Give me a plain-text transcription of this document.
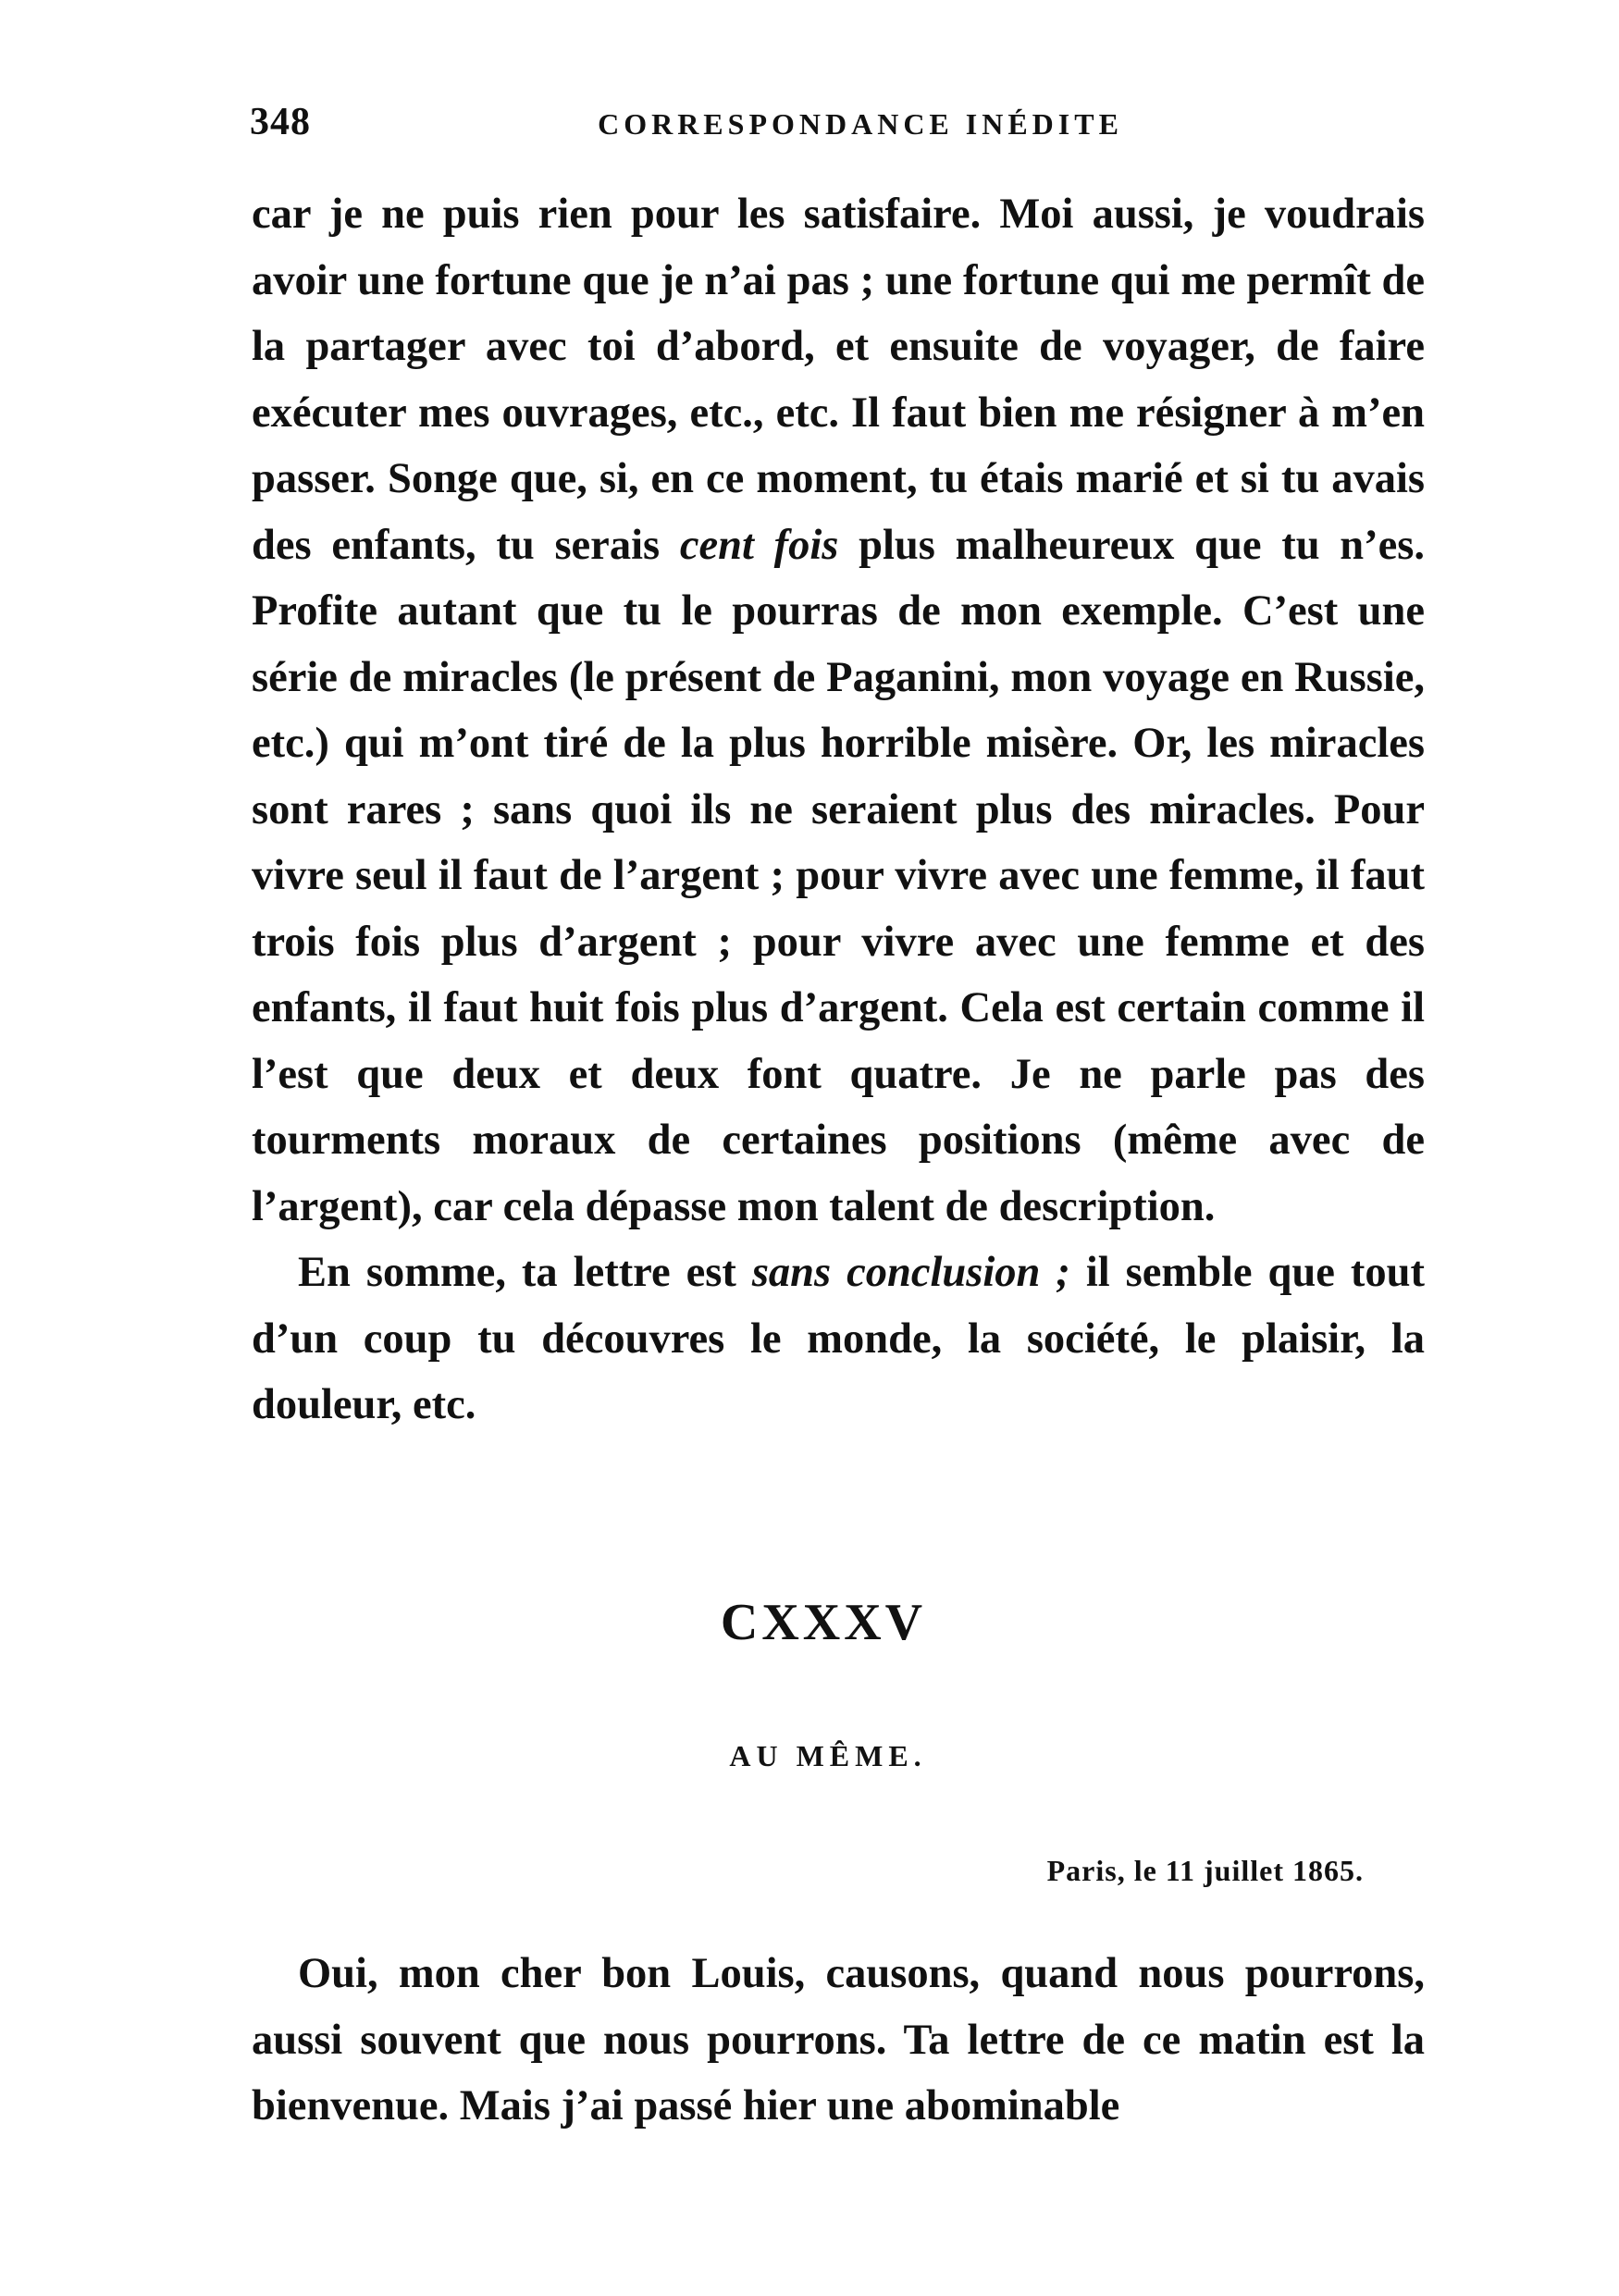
348	CORRESPONDANCE INÉDITE

car je ne puis rien pour les satisfaire. Moi aussi, je voudrais avoir une fortune que je n’ai pas ; une fortune qui me permît de la partager avec toi d’abord, et ensuite de voyager, de faire exécuter mes ouvrages, etc., etc. Il faut bien me résigner à m’en passer. Songe que, si, en ce moment, tu étais marié et si tu avais des enfants, tu serais cent fois plus malheureux que tu n’es. Profite autant que tu le pourras de mon exemple. C’est une série de miracles (le présent de Paganini, mon voyage en Russie, etc.) qui m’ont tiré de la plus horrible misère. Or, les miracles sont rares ; sans quoi ils ne seraient plus des miracles. Pour vivre seul il faut de l’argent ; pour vivre avec une femme, il faut trois fois plus d’argent ; pour vivre avec une femme et des enfants, il faut huit fois plus d’argent. Cela est certain comme il l’est que deux et deux font quatre. Je ne parle pas des tourments moraux de certaines positions (même avec de l’argent), car cela dépasse mon talent de description.

En somme, ta lettre est sans conclusion ; il semble que tout d’un coup tu découvres le monde, la société, le plaisir, la douleur, etc.

CXXXV
AU MÊME.
Paris, le 11 juillet 1865.

Oui, mon cher bon Louis, causons, quand nous pourrons, aussi souvent que nous pourrons. Ta lettre de ce matin est la bienvenue. Mais j’ai passé hier une abominable
